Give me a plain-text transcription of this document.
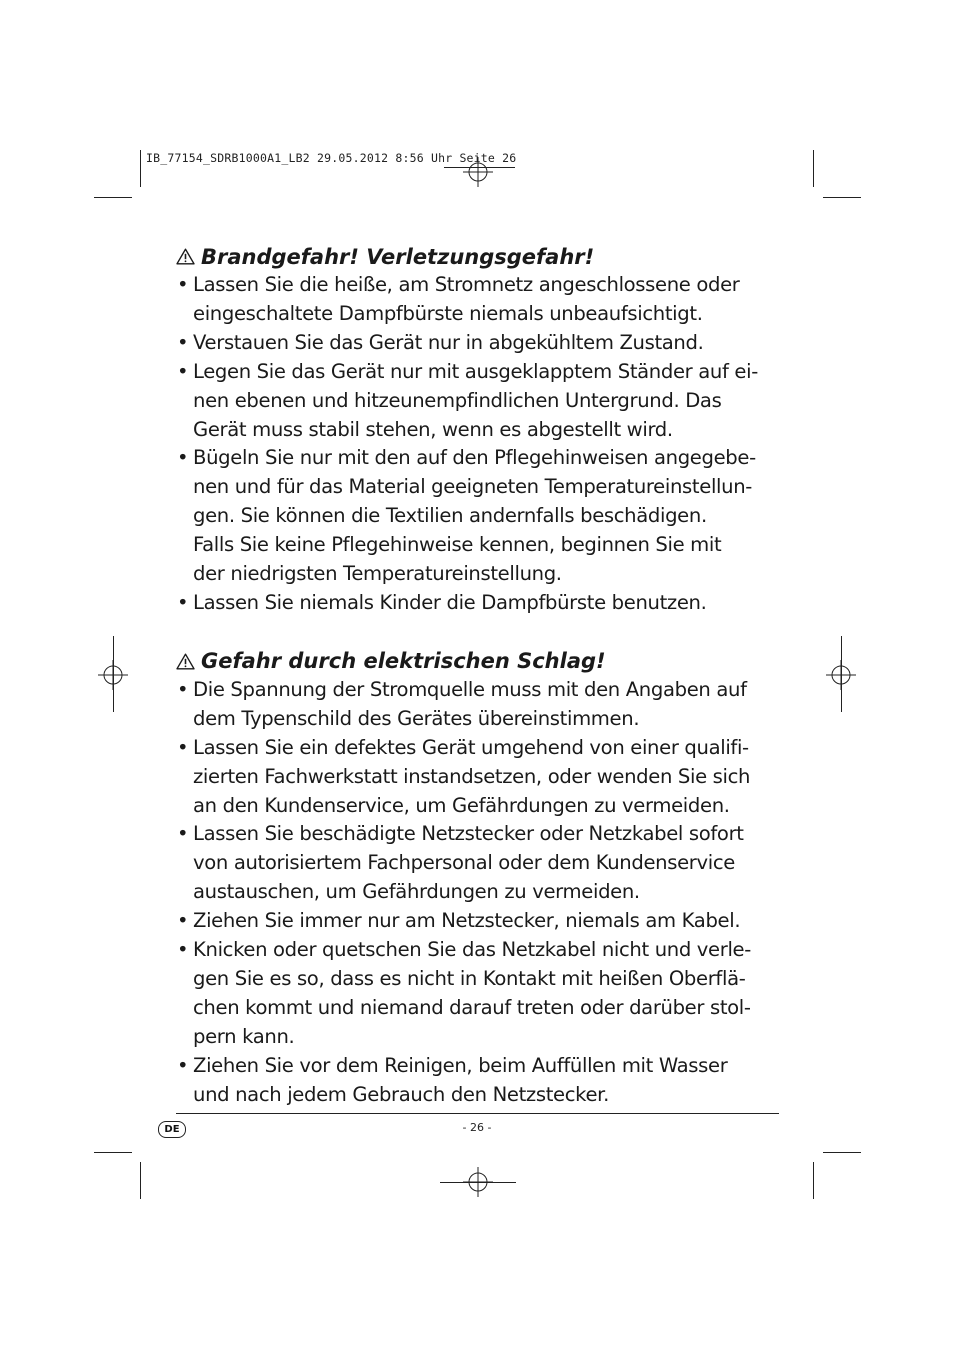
IB_77154_SDRB1000A1_LB2 29.05.2012 8:56 Uhr Seite 26
Brandgefahr! Verletzungsgefahr!
• Lassen Sie die heiße, am Stromnetz angeschlossene oder
eingeschaltete Dampfbürste niemals unbeaufsichtigt.
• Verstauen Sie das Gerät nur in abgekühltem Zustand.
• Legen Sie das Gerät nur mit ausgeklapptem Ständer auf ei-
nen ebenen und hitzeunempfindlichen Untergrund. Das
Gerät muss stabil stehen, wenn es abgestellt wird.
• Bügeln Sie nur mit den auf den Pflegehinweisen angegebe-
nen und für das Material geeigneten Temperatureinstellun-
gen. Sie können die Textilien andernfalls beschädigen.
Falls Sie keine Pflegehinweise kennen, beginnen Sie mit
der niedrigsten Temperatureinstellung.
• Lassen Sie niemals Kinder die Dampfbürste benutzen.
Gefahr durch elektrischen Schlag!
• Die Spannung der Stromquelle muss mit den Angaben auf
dem Typenschild des Gerätes übereinstimmen.
• Lassen Sie ein defektes Gerät umgehend von einer qualifi-
zierten Fachwerkstatt instandsetzen, oder wenden Sie sich
an den Kundenservice, um Gefährdungen zu vermeiden.
• Lassen Sie beschädigte Netzstecker oder Netzkabel sofort
von autorisiertem Fachpersonal oder dem Kundenservice
austauschen, um Gefährdungen zu vermeiden.
• Ziehen Sie immer nur am Netzstecker, niemals am Kabel.
• Knicken oder quetschen Sie das Netzkabel nicht und verle-
gen Sie es so, dass es nicht in Kontakt mit heißen Oberflä-
chen kommt und niemand darauf treten oder darüber stol-
pern kann.
• Ziehen Sie vor dem Reinigen, beim Auffüllen mit Wasser
und nach jedem Gebrauch den Netzstecker.
DE	- 26 -
